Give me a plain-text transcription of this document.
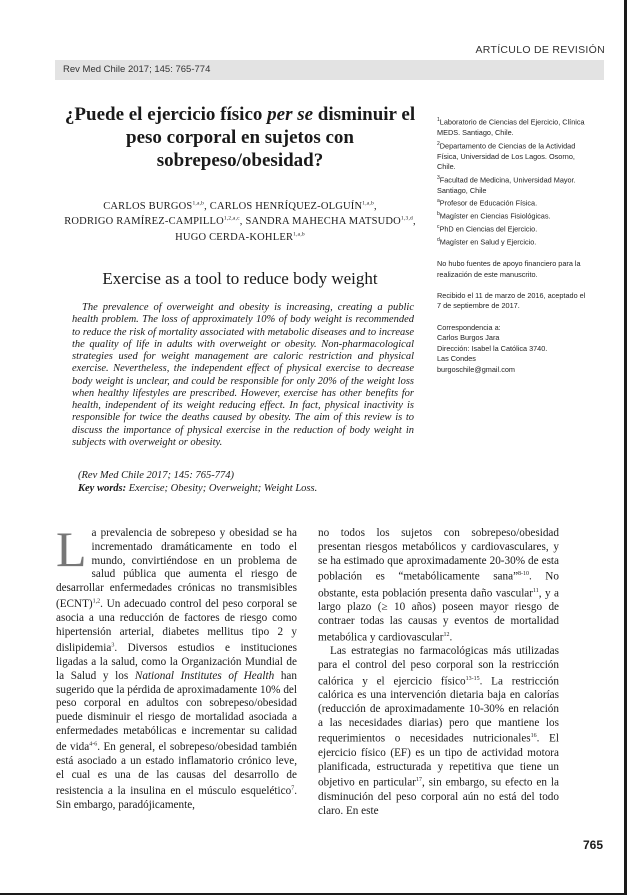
ARTÍCULO DE REVISIÓN
Rev Med Chile 2017; 145: 765-774
¿Puede el ejercicio físico per se disminuir el peso corporal en sujetos con sobrepeso/obesidad?
CARLOS BURGOS$^{1,a,b}$, CARLOS HENRÍQUEZ-OLGUÍN$^{1,a,b}$,
RODRIGO RAMÍREZ-CAMPILLO$^{1,2,a,c}$, SANDRA MAHECHA MATSUDO$^{1,3,d}$,
HUGO CERDA-KOHLER$^{1,a,b}$
Exercise as a tool to reduce body weight

The prevalence of overweight and obesity is increasing, creating a public health problem. The loss of approximately 10% of body weight is recommended to reduce the risk of mortality associated with metabolic diseases and to increase the quality of life in adults with overweight or obesity. Non-pharmacological strategies used for weight management are caloric restriction and physical exercise. Nevertheless, the independent effect of physical exercise to decrease body weight is unclear, and could be responsible for only 20% of the weight loss when healthy lifestyles are prescribed. However, exercise has other benefits for health, independent of its weight reducing effect. In fact, physical inactivity is responsible for twice the deaths caused by obesity. The aim of this review is to discuss the importance of physical exercise in the reduction of body weight in subjects with overweight or obesity.

(Rev Med Chile 2017; 145: 765-774)
Key words: Exercise; Obesity; Overweight; Weight Loss.

$^1$Laboratorio de Ciencias del Ejercicio, Clínica MEDS. Santiago, Chile.

$^2$Departamento de Ciencias de la Actividad Física, Universidad de Los Lagos. Osorno, Chile.

$^3$Facultad de Medicina, Universidad Mayor. Santiago, Chile

$^a$Profesor de Educación Física.

$^b$Magíster en Ciencias Fisiológicas.

$^c$PhD en Ciencias del Ejercicio.

$^d$Magíster en Salud y Ejercicio.

No hubo fuentes de apoyo financiero para la realización de este manuscrito.

Recibido el 11 de marzo de 2016, aceptado el 7 de septiembre de 2017.

Correspondencia a:

Carlos Burgos Jara

Dirección: Isabel la Católica 3740.

Las Condes

burgoschile@gmail.com

La prevalencia de sobrepeso y obesidad se ha incrementado dramáticamente en todo el mundo, convirtiéndose en un problema de salud pública que aumenta el riesgo de desarrollar enfermedades crónicas no transmisibles (ECNT)$^{1,2}$. Un adecuado control del peso corporal se asocia a una reducción de factores de riesgo como hipertensión arterial, diabetes mellitus tipo 2 y dislipidemia$^3$. Diversos estudios e instituciones ligadas a la salud, como la Organización Mundial de la Salud y los National Institutes of Health han sugerido que la pérdida de aproximadamente 10% del peso corporal en adultos con sobrepeso/obesidad puede disminuir el riesgo de mortalidad asociada a enfermedades metabólicas e incrementar su calidad de vida$^{4-6}$. En general, el sobrepeso/obesidad también está asociado a un estado inflamatorio crónico leve, el cual es una de las causas del desarrollo de resistencia a la insulina en el músculo esquelético$^7$. Sin embargo, paradójicamente,

no todos los sujetos con sobrepeso/obesidad presentan riesgos metabólicos y cardiovasculares, y se ha estimado que aproximadamente 20-30% de esta población es “metabólicamente sana”$^{8-10}$. No obstante, esta población presenta daño vascular$^{11}$, y a largo plazo (≥ 10 años) poseen mayor riesgo de contraer todas las causas y eventos de mortalidad metabólica y cardiovascular$^{12}$.

Las estrategias no farmacológicas más utilizadas para el control del peso corporal son la restricción calórica y el ejercicio físico$^{13-15}$. La restricción calórica es una intervención dietaria baja en calorías (reducción de aproximadamente 10-30% en relación a las necesidades diarias) pero que mantiene los requerimientos o necesidades nutricionales$^{16}$. El ejercicio físico (EF) es un tipo de actividad motora planificada, estructurada y repetitiva que tiene un objetivo en particular$^{17}$, sin embargo, su efecto en la disminución del peso corporal aún no está del todo claro. En este

765
